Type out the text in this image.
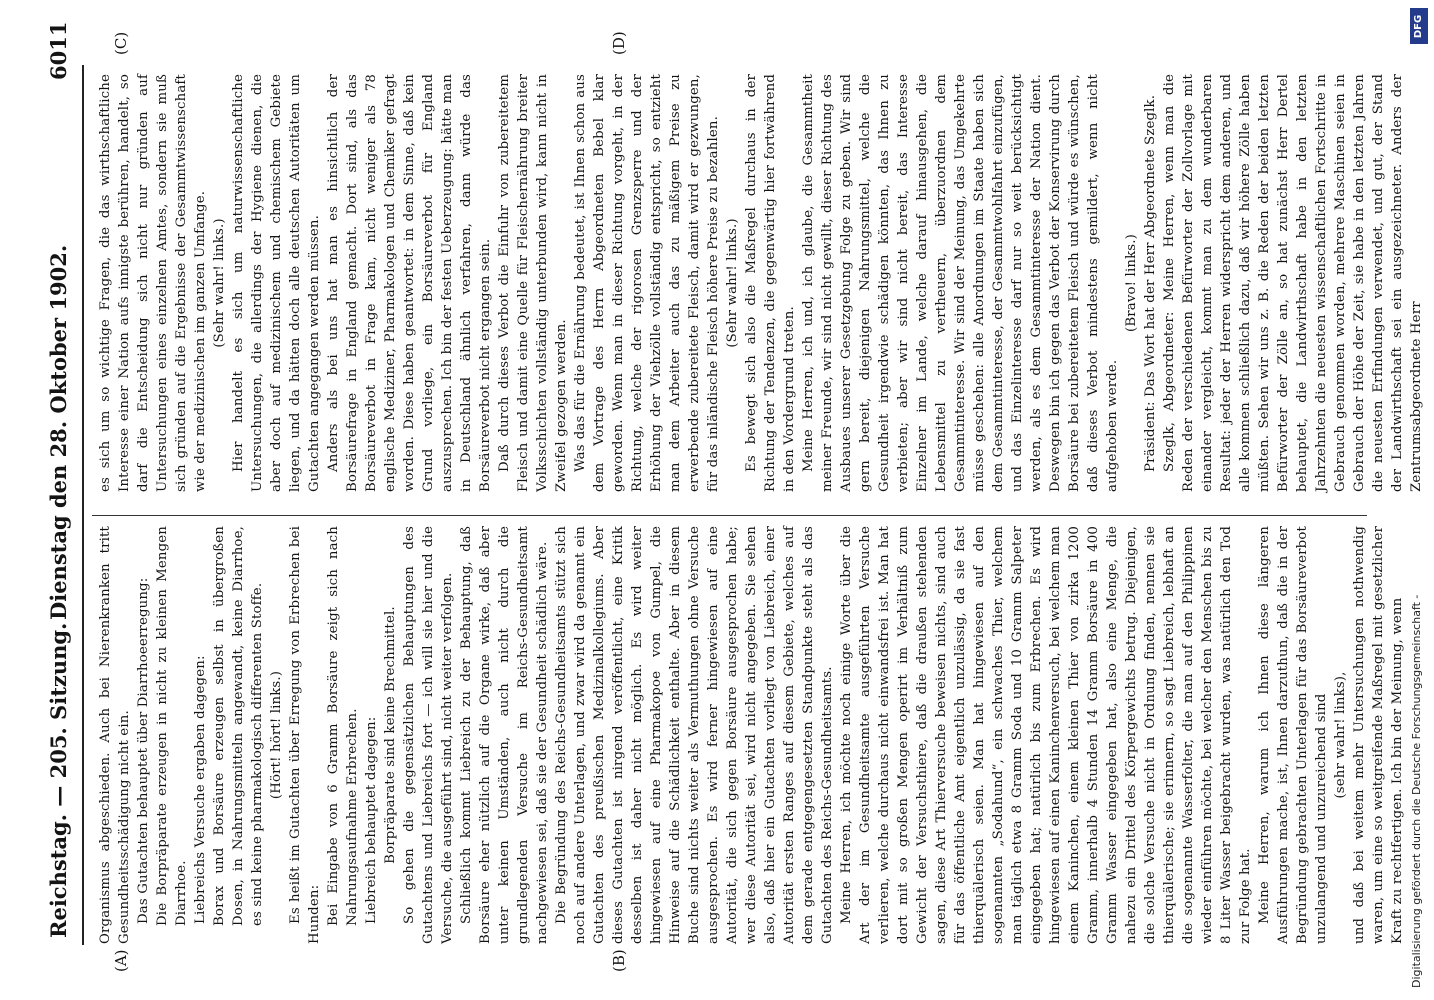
Reichstag. — 205. Sitzung.
Dienstag den 28. Oktober 1902.
6011
(A)	(B)
(C)	(D)

Organismus abgeschieden. Auch bei Nierenkranken tritt Gesundheitsschädigung nicht ein. Das Gutachten behauptet über Diarrhoeerregung: Die Borpräparate erzeugen in nicht zu kleinen Mengen Diarrhoe. Liebreichs Versuche ergaben dagegen: Borax und Borsäure erzeugen selbst in übergroßen Dosen, in Nahrungsmitteln angewandt, keine Diarrhoe, es sind keine pharmakologisch differenten Stoffe. (Hört! hört! links.) Es heißt im Gutachten über Erregung von Erbrechen bei Hunden: Bei Eingabe von 6 Gramm Borsäure zeigt sich nach Nahrungsaufnahme Erbrechen. Liebreich behauptet dagegen: Borpräparate sind keine Brechmittel. So gehen die gegensätzlichen Behauptungen des Gutachtens und Liebreichs fort — ich will sie hier und die Versuche, die ausgeführt sind, nicht weiter verfolgen. Schließlich kommt Liebreich zu der Behauptung, daß Borsäure eher nützlich auf die Organe wirke, daß aber unter keinen Umständen, auch nicht durch die grundlegenden Versuche im Reichs-Gesundheitsamt nachgewiesen sei, daß sie der Gesundheit schädlich wäre. Die Begründung des Reichs-Gesundheitsamts stützt sich noch auf andere Unterlagen, und zwar wird da genannt ein Gutachten des preußischen Medizinalkollegiums. Aber dieses Gutachten ist nirgend veröffentlicht, eine Kritik desselben ist daher nicht möglich. Es wird weiter hingewiesen auf eine Pharmakopoe von Gumpel, die Hinweise auf die Schädlichkeit enthalte. Aber in diesem Buche sind nichts weiter als Vermuthungen ohne Versuche ausgesprochen. Es wird ferner hingewiesen auf eine Autorität, die sich gegen Borsäure ausgesprochen habe; wer diese Autorität sei, wird nicht angegeben. Sie sehen also, daß hier ein Gutachten vorliegt von Liebreich, einer Autorität ersten Ranges auf diesem Gebiete, welches auf dem gerade entgegengesetzten Standpunkte steht als das Gutachten des Reichs-Gesundheitsamts. Meine Herren, ich möchte noch einige Worte über die Art der im Gesundheitsamte ausgeführten Versuche verlieren, welche durchaus nicht einwandsfrei ist. Man hat dort mit so großen Mengen operirt im Verhältniß zum Gewicht der Versuchsthiere, daß die draußen stehenden sagen, diese Art Thierversuche beweisen nichts, sind auch für das öffentliche Amt eigentlich unzulässig, da sie fast thierquälerisch seien. Man hat hingewiesen auf den sogenannten „Sodahund“, ein schwaches Thier, welchem man täglich etwa 8 Gramm Soda und 10 Gramm Salpeter eingegeben hat; natürlich bis zum Erbrechen. Es wird hingewiesen auf einen Kaninchenversuch, bei welchem man einem Kaninchen, einem kleinen Thier von zirka 1200 Gramm, innerhalb 4 Stunden 14 Gramm Borsäure in 400 Gramm Wasser eingegeben hat, also eine Menge, die nahezu ein Drittel des Körpergewichts betrug. Diejenigen, die solche Versuche nicht in Ordnung finden, nennen sie thierquälerische; sie erinnern, so sagt Liebreich, lebhaft an die sogenannte Wasserfolter, die man auf den Philippinen wieder einführen möchte, bei welcher den Menschen bis zu 8 Liter Wasser beigebracht wurden, was natürlich den Tod zur Folge hat. Meine Herren, warum ich Ihnen diese längeren Ausführungen mache, ist, Ihnen darzuthun, daß die in der Begründung gebrachten Unterlagen für das Borsäureverbot unzulangend und unzureichend sind (sehr wahr! links), und daß bei weitem mehr Untersuchungen nothwendig waren, um eine so weitgreifende Maßregel mit gesetzlicher Kraft zu rechtfertigen. Ich bin der Meinung, wenn

es sich um so wichtige Fragen, die das wirthschaftliche Interesse einer Nation aufs innigste berühren, handelt, so darf die Entscheidung sich nicht nur gründen auf Untersuchungen eines einzelnen Amtes, sondern sie muß sich gründen auf die Ergebnisse der Gesammtwissenschaft wie der medizinischen im ganzen Umfange. (Sehr wahr! links.) Hier handelt es sich um naturwissenschaftliche Untersuchungen, die allerdings der Hygiene dienen, die aber doch auf medizinischem und chemischem Gebiete liegen, und da hätten doch alle deutschen Autoritäten um Gutachten angegangen werden müssen. Anders als bei uns hat man es hinsichtlich der Borsäurefrage in England gemacht. Dort sind, als das Borsäureverbot in Frage kam, nicht weniger als 78 englische Mediziner, Pharmakologen und Chemiker gefragt worden. Diese haben geantwortet: in dem Sinne, daß kein Grund vorliege, ein Borsäureverbot für England auszusprechen. Ich bin der festen Ueberzeugung: hätte man in Deutschland ähnlich verfahren, dann würde das Borsäureverbot nicht ergangen sein. Daß durch dieses Verbot die Einfuhr von zubereitetem Fleisch und damit eine Quelle für Fleischernährung breiter Volksschichten vollständig unterbunden wird, kann nicht in Zweifel gezogen werden. Was das für die Ernährung bedeutet, ist Ihnen schon aus dem Vortrage des Herrn Abgeordneten Bebel klar geworden. Wenn man in dieser Richtung vorgeht, in der Richtung, welche der rigorosen Grenzsperre und der Erhöhung der Viehzölle vollständig entspricht, so entzieht man dem Arbeiter auch das zu mäßigem Preise zu erwerbende zubereitete Fleisch, damit wird er gezwungen, für das inländische Fleisch höhere Preise zu bezahlen. (Sehr wahr! links.) Es bewegt sich also die Maßregel durchaus in der Richtung der Tendenzen, die gegenwärtig hier fortwährend in den Vordergrund treten. Meine Herren, ich und, ich glaube, die Gesammtheit meiner Freunde, wir sind nicht gewillt, dieser Richtung des Ausbaues unserer Gesetzgebung Folge zu geben. Wir sind gern bereit, diejenigen Nahrungsmittel, welche die Gesundheit irgendwie schädigen könnten, das Ihnen zu verbieten; aber wir sind nicht bereit, das Interesse Einzelner im Lande, welche darauf hinausgehen, die Lebensmittel zu vertheuern, überzuordnen dem Gesammtinteresse. Wir sind der Meinung, das Umgekehrte müsse geschehen: alle Anordnungen im Staate haben sich dem Gesammtinteresse, der Gesammtwohlfahrt einzufügen, und das Einzelinteresse darf nur so weit berücksichtigt werden, als es dem Gesammtinteresse der Nation dient. Deswegen bin ich gegen das Verbot der Konservirung durch Borsäure bei zubereitetem Fleisch und würde es wünschen, daß dieses Verbot mindestens gemildert, wenn nicht aufgehoben werde.

(Bravo! links.) Präsident: Das Wort hat der Herr Abgeordnete Szeglk. Szeglk, Abgeordneter: Meine Herren, wenn man die Reden der verschiedenen Befürworter der Zollvorlage mit einander vergleicht, kommt man zu dem wunderbaren Resultat: jeder der Herren widerspricht dem anderen, und alle kommen schließlich dazu, daß wir höhere Zölle haben müßten. Sehen wir uns z. B. die Reden der beiden letzten Befürworter der Zölle an, so hat zunächst Herr Dertel behauptet, die Landwirthschaft habe in den letzten Jahrzehnten die neuesten wissenschaftlichen Fortschritte in Gebrauch genommen worden, mehrere Maschinen seien in Gebrauch der Höhe der Zeit, sie habe in den letzten Jahren die neuesten Erfindungen verwendet, und gut, der Stand der Landwirthschaft sei ein ausgezeichneter. Anders der Zentrumsabgeordnete Herr

DFG
Digitalisierung gefördert durch die Deutsche Forschungsgemeinschaft -
